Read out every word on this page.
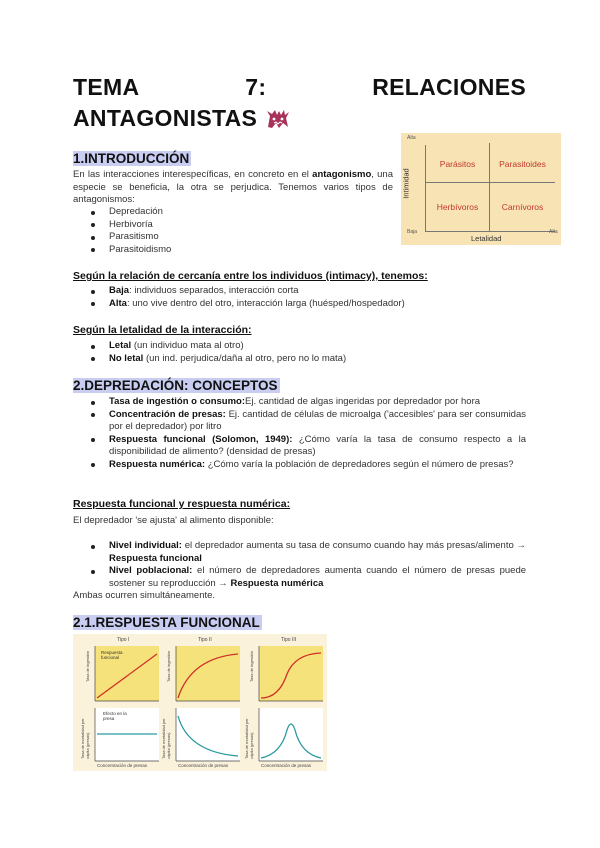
TEMA	7:	RELACIONES
ANTAGONISTAS
1.INTRODUCCIÓN
En las interacciones interespecíficas, en concreto en el antagonismo, una especie se beneficia, la otra se perjudica. Tenemos varios tipos de antagonismos:
Depredación
Herbivoría
Parasitismo
Parasitoidismo
Alta
Baja	Alta
Intimidad
Letalidad
Parásitos	Parasitoides
Herbívoros	Carnívoros
Según la relación de cercanía entre los individuos (intimacy), tenemos:
Baja: individuos separados, interacción corta
Alta: uno vive dentro del otro, interacción larga (huésped/hospedador)
Según la letalidad de la interacción:
Letal (un individuo mata al otro)
No letal (un ind. perjudica/daña al otro, pero no lo mata)
2.DEPREDACIÓN: CONCEPTOS
Tasa de ingestión o consumo:Ej. cantidad de algas ingeridas por depredador por hora
Concentración de presas: Ej. cantidad de células de microalga ('accesibles' para ser consumidas por el depredador) por litro
Respuesta funcional (Solomon, 1949): ¿Cómo varía la tasa de consumo respecto a la disponibilidad de alimento? (densidad de presas)
Respuesta numérica: ¿Cómo varía la población de depredadores según el número de presas?
Respuesta funcional y respuesta numérica:
El depredador 'se ajusta' al alimento disponible:
Nivel individual: el depredador aumenta su tasa de consumo cuando hay más presas/alimento → Respuesta funcional
Nivel poblacional: el número de depredadores aumenta cuando el número de presas puede sostener su reproducción → Respuesta numérica
Ambas ocurren simultáneamente.
2.1.RESPUESTA FUNCIONAL
Tipo I	Tipo II	Tipo III
Respuesta funcional
Efecto en la presa
Tasa de ingestión	Tasa de ingestión	Tasa de ingestión
Tasa de mortalidad per cápita (presas)	Tasa de mortalidad per cápita (presas)	Tasa de mortalidad per cápita (presas)
Concentración de presas	Concentración de presas	Concentración de presas
